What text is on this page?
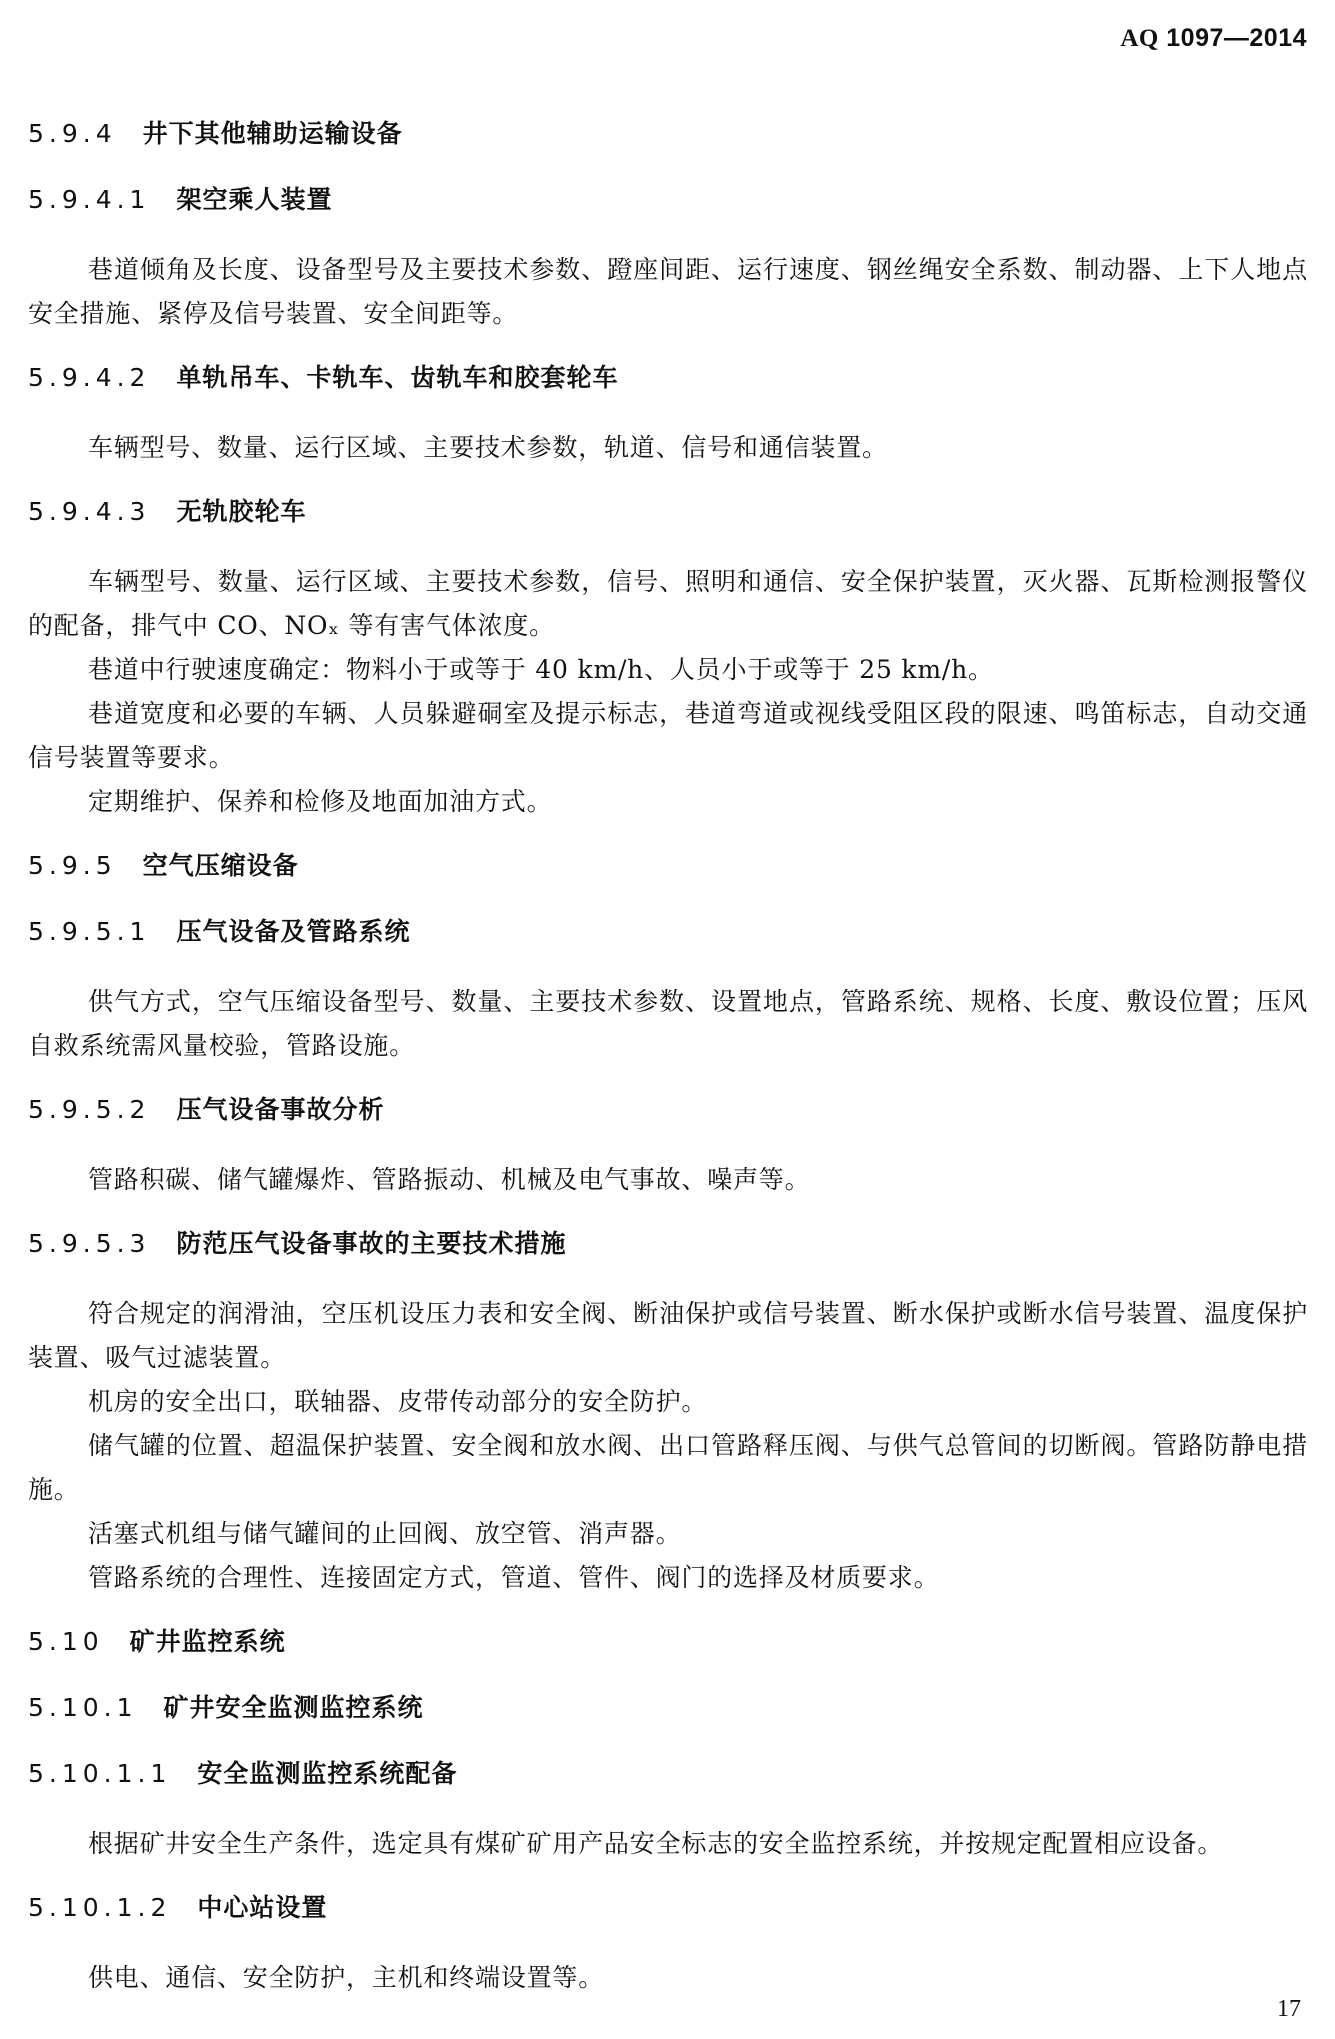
AQ 1097—2014
5.9.4 井下其他辅助运输设备
5.9.4.1 架空乘人装置

巷道倾角及长度、设备型号及主要技术参数、蹬座间距、运行速度、钢丝绳安全系数、制动器、上下人地点安全措施、紧停及信号装置、安全间距等。

5.9.4.2 单轨吊车、卡轨车、齿轨车和胶套轮车

车辆型号、数量、运行区域、主要技术参数，轨道、信号和通信装置。

5.9.4.3 无轨胶轮车

车辆型号、数量、运行区域、主要技术参数，信号、照明和通信、安全保护装置，灭火器、瓦斯检测报警仪的配备，排气中 CO、NOₓ 等有害气体浓度。

巷道中行驶速度确定：物料小于或等于 40 km/h、人员小于或等于 25 km/h。

巷道宽度和必要的车辆、人员躲避硐室及提示标志，巷道弯道或视线受阻区段的限速、鸣笛标志，自动交通信号装置等要求。

定期维护、保养和检修及地面加油方式。

5.9.5 空气压缩设备
5.9.5.1 压气设备及管路系统

供气方式，空气压缩设备型号、数量、主要技术参数、设置地点，管路系统、规格、长度、敷设位置；压风自救系统需风量校验，管路设施。

5.9.5.2 压气设备事故分析

管路积碳、储气罐爆炸、管路振动、机械及电气事故、噪声等。

5.9.5.3 防范压气设备事故的主要技术措施

符合规定的润滑油，空压机设压力表和安全阀、断油保护或信号装置、断水保护或断水信号装置、温度保护装置、吸气过滤装置。

机房的安全出口，联轴器、皮带传动部分的安全防护。

储气罐的位置、超温保护装置、安全阀和放水阀、出口管路释压阀、与供气总管间的切断阀。管路防静电措施。

活塞式机组与储气罐间的止回阀、放空管、消声器。

管路系统的合理性、连接固定方式，管道、管件、阀门的选择及材质要求。

5.10 矿井监控系统
5.10.1 矿井安全监测监控系统
5.10.1.1 安全监测监控系统配备

根据矿井安全生产条件，选定具有煤矿矿用产品安全标志的安全监控系统，并按规定配置相应设备。

5.10.1.2 中心站设置

供电、通信、安全防护，主机和终端设置等。

17
